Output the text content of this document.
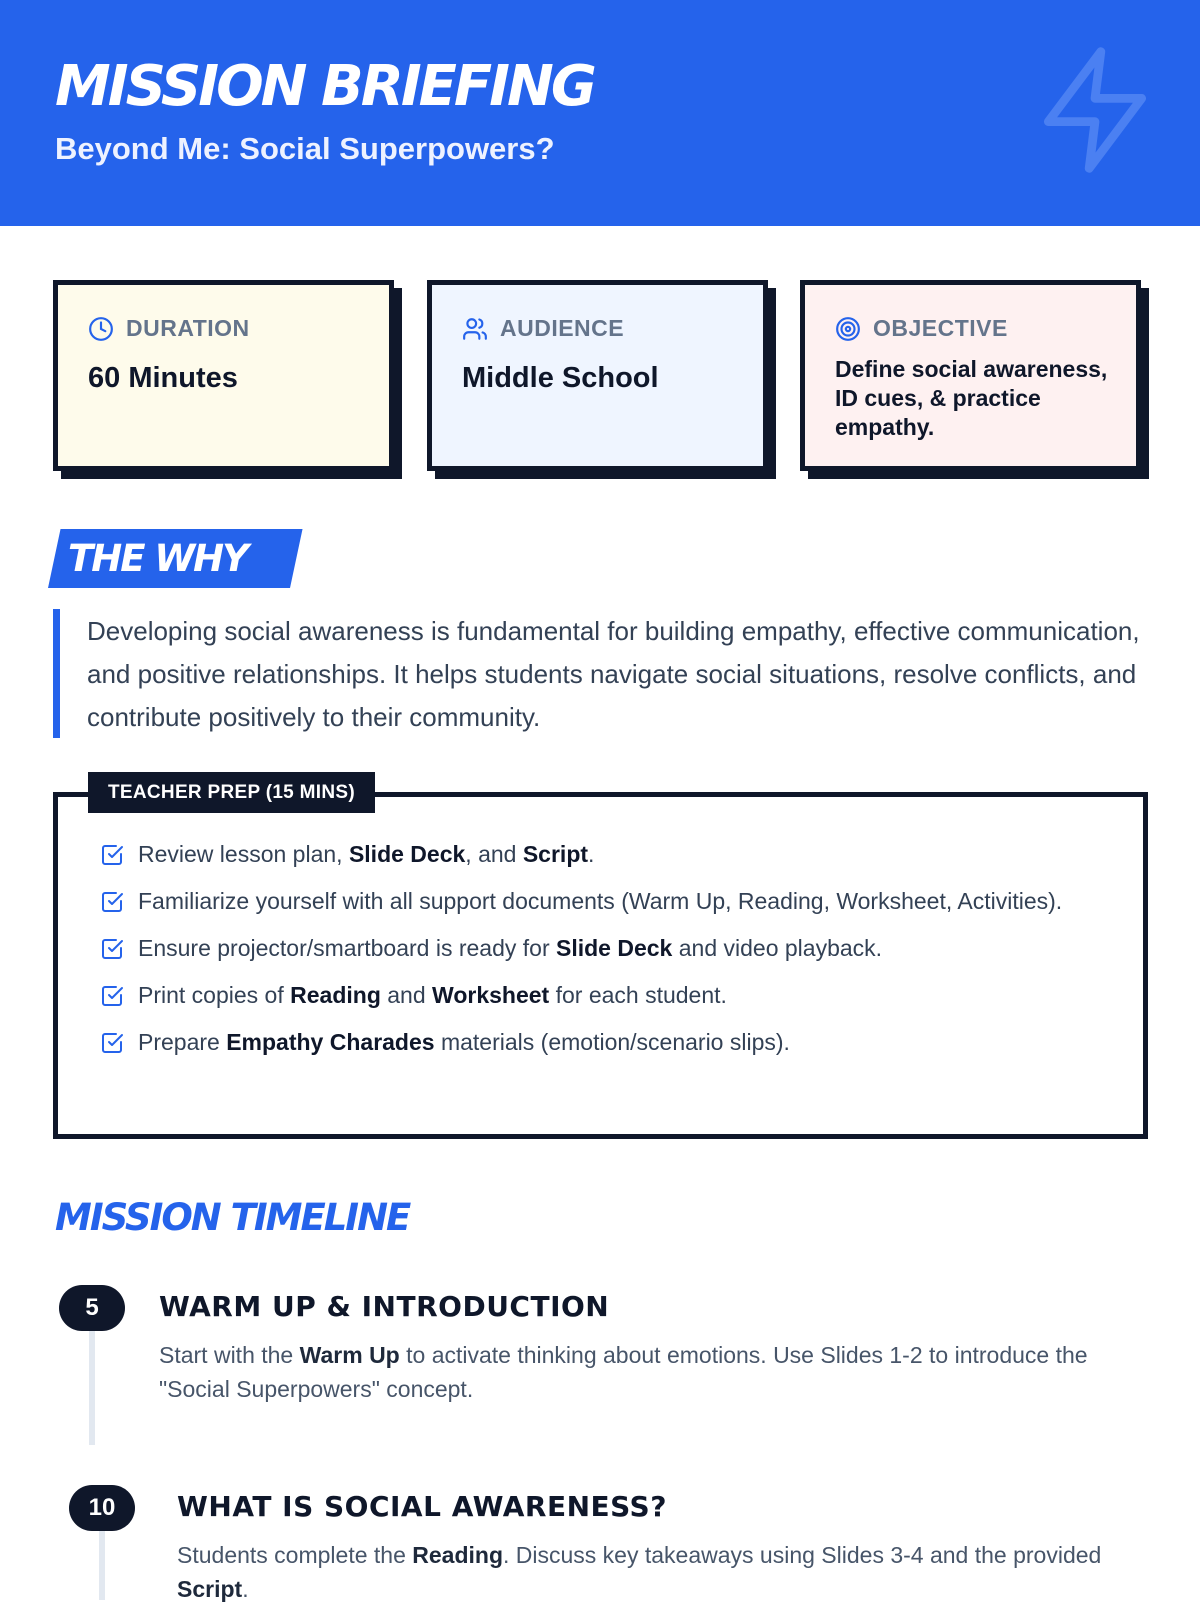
MISSION BRIEFING
Beyond Me: Social Superpowers?
DURATION
60 Minutes
AUDIENCE
Middle School
OBJECTIVE
Define social awareness, ID cues, & practice empathy.
THE WHY

Developing social awareness is fundamental for building empathy, effective communication, and positive relationships. It helps students navigate social situations, resolve conflicts, and contribute positively to their community.

TEACHER PREP (15 MINS)
Review lesson plan, Slide Deck, and Script.
Familiarize yourself with all support documents (Warm Up, Reading, Worksheet, Activities).
Ensure projector/smartboard is ready for Slide Deck and video playback.
Print copies of Reading and Worksheet for each student.
Prepare Empathy Charades materials (emotion/scenario slips).
MISSION TIMELINE
5	WARM UP & INTRODUCTION

Start with the Warm Up to activate thinking about emotions. Use Slides 1-2 to introduce the "Social Superpowers" concept.

10	WHAT IS SOCIAL AWARENESS?

Students complete the Reading. Discuss key takeaways using Slides 3-4 and the provided Script.
